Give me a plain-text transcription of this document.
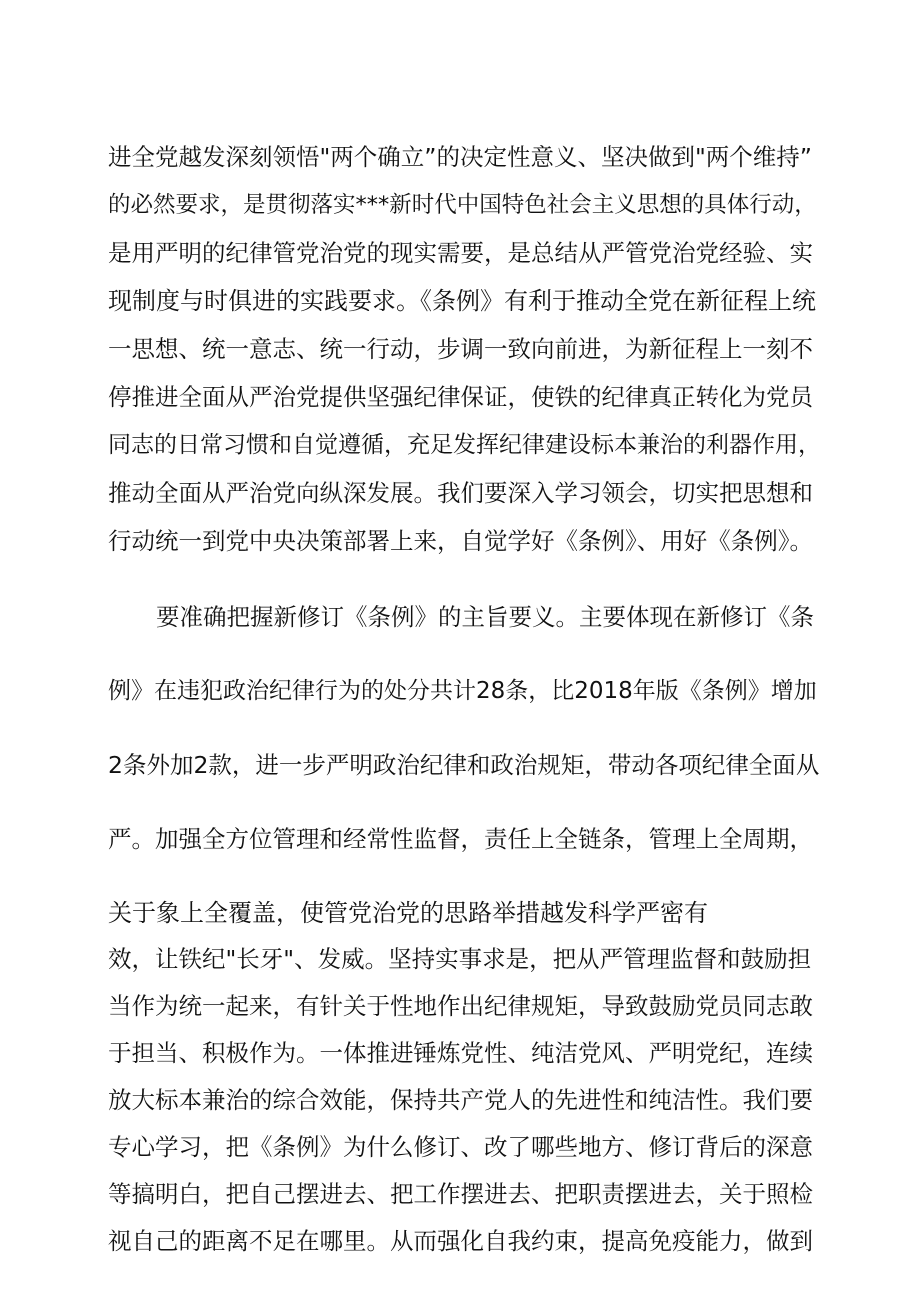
进全党越发深刻领悟"两个确立”的决定性意义、坚决做到"两个维持”

的必然要求，是贯彻落实***新时代中国特色社会主义思想的具体行动，

是用严明的纪律管党治党的现实需要，是总结从严管党治党经验、实

现制度与时俱进的实践要求。《条例》有利于推动全党在新征程上统

一思想、统一意志、统一行动，步调一致向前进，为新征程上一刻不

停推进全面从严治党提供坚强纪律保证，使铁的纪律真正转化为党员

同志的日常习惯和自觉遵循，充足发挥纪律建设标本兼治的利器作用，

推动全面从严治党向纵深发展。我们要深入学习领会，切实把思想和

行动统一到党中央决策部署上来，自觉学好《条例》、用好《条例》。

要准确把握新修订《条例》的主旨要义。主要体现在新修订《条

例》在违犯政治纪律行为的处分共计28条，比2018年版《条例》增加

2条外加2款，进一步严明政治纪律和政治规矩，带动各项纪律全面从

严。加强全方位管理和经常性监督，责任上全链条，管理上全周期，

关于象上全覆盖，使管党治党的思路举措越发科学严密有

效，让铁纪"长牙"、发威。坚持实事求是，把从严管理监督和鼓励担

当作为统一起来，有针关于性地作出纪律规矩，导致鼓励党员同志敢

于担当、积极作为。一体推进锤炼党性、纯洁党风、严明党纪，连续

放大标本兼治的综合效能，保持共产党人的先进性和纯洁性。我们要

专心学习，把《条例》为什么修订、改了哪些地方、修订背后的深意

等搞明白，把自己摆进去、把工作摆进去、把职责摆进去，关于照检

视自己的距离不足在哪里。从而强化自我约束，提高免疫能力，做到
